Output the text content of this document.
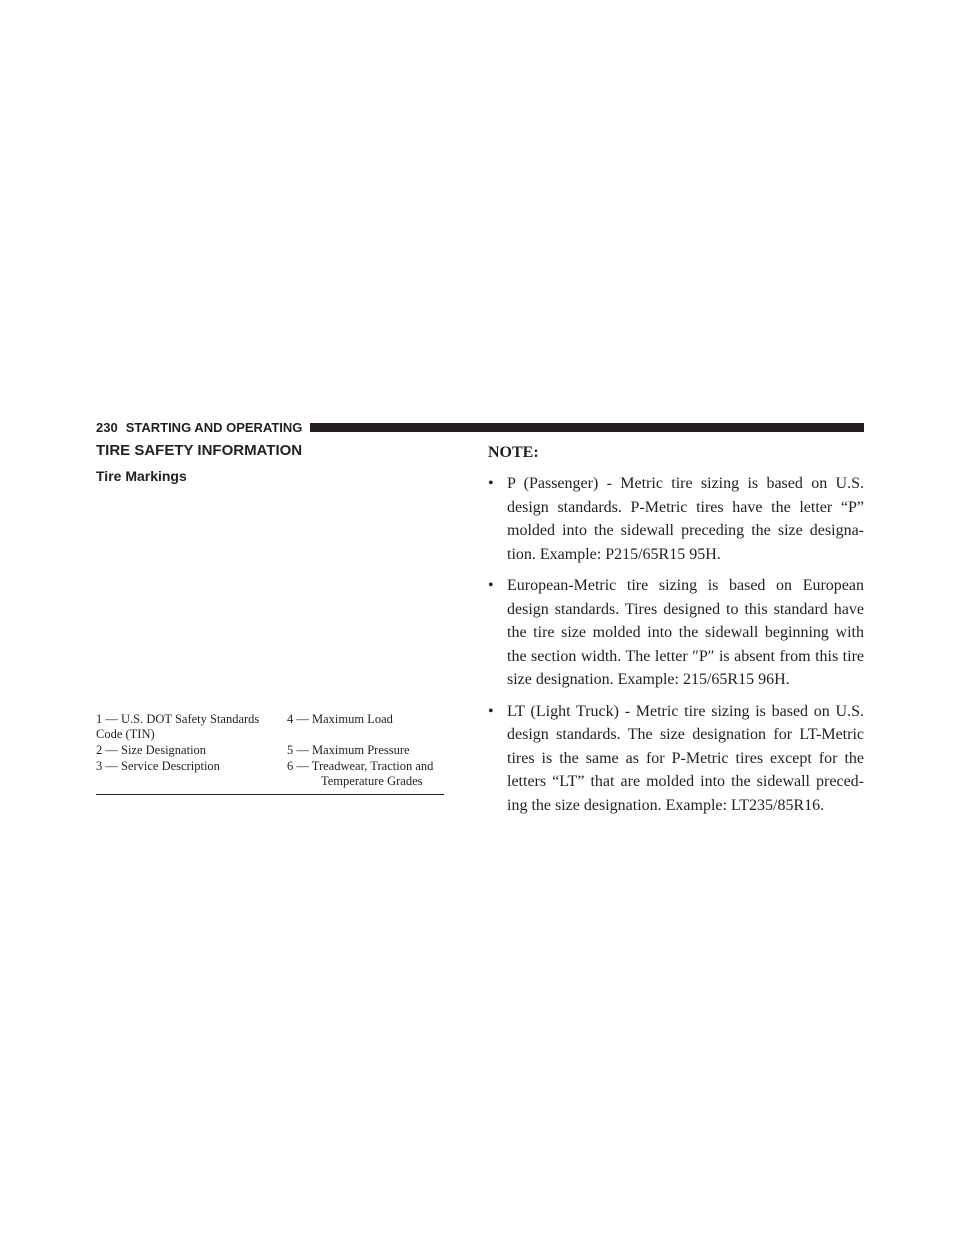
230 STARTING AND OPERATING
TIRE SAFETY INFORMATION
Tire Markings
1 — U.S. DOT Safety Standards Code (TIN)
4 — Maximum Load
2 — Size Designation	5 — Maximum Pressure
3 — Service Description	6 — Treadwear, Traction and Temperature Grades

NOTE:

• P (Passenger) - Metric tire sizing is based on U.S. design standards. P-Metric tires have the letter “P” molded into the sidewall preceding the size designa-tion. Example: P215/65R15 95H.
• European-Metric tire sizing is based on European design standards. Tires designed to this standard have the tire size molded into the sidewall beginning with the section width. The letter ″P″ is absent from this tire size designation. Example: 215/65R15 96H.
• LT (Light Truck) - Metric tire sizing is based on U.S. design standards. The size designation for LT-Metric tires is the same as for P-Metric tires except for the letters “LT” that are molded into the sidewall preced-ing the size designation. Example: LT235/85R16.
